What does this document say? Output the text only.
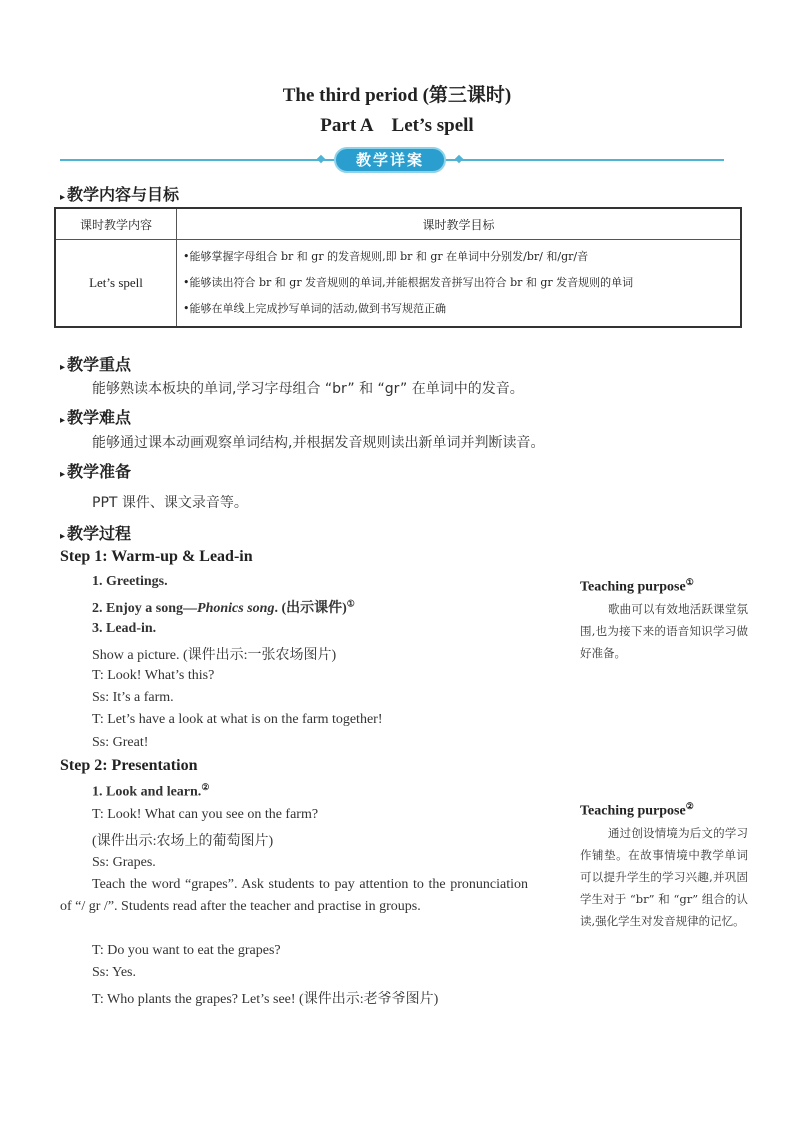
The third period (第三课时)
Part A    Let’s spell
教学详案
▸ 教学内容与目标
课时教学内容	课时教学目标
Let’s spell	•能够掌握字母组合 br 和 gr 的发音规则,即 br 和 gr 在单词中分别发/br/ 和/gr/音
•能够读出符合 br 和 gr 发音规则的单词,并能根据发音拼写出符合 br 和 gr 发音规则的单词
•能够在单线上完成抄写单词的活动,做到书写规范正确
▸ 教学重点
能够熟读本板块的单词,学习字母组合 “br” 和 “gr” 在单词中的发音。
▸ 教学难点
能够通过课本动画观察单词结构,并根据发音规则读出新单词并判断读音。
▸ 教学准备
PPT 课件、课文录音等。
▸ 教学过程
Step 1: Warm-up & Lead-in
1. Greetings.
2. Enjoy a song—Phonics song. (出示课件)①
3. Lead-in.
Show a picture. (课件出示:一张农场图片)
T: Look! What’s this?
Ss: It’s a farm.
T: Let’s have a look at what is on the farm together!
Ss: Great!
Step 2: Presentation
1. Look and learn.②
T: Look! What can you see on the farm?
(课件出示:农场上的葡萄图片)
Ss: Grapes.
Teach the word “grapes”. Ask students to pay attention to the pronunciation of “/ gr /”. Students read after the teacher and practise in groups.
T: Do you want to eat the grapes?
Ss: Yes.
T: Who plants the grapes? Let’s see! (课件出示:老爷爷图片)
Teaching purpose①
歌曲可以有效地活跃课堂氛围,也为接下来的语音知识学习做好准备。
Teaching purpose②
通过创设情境为后文的学习作铺垫。在故事情境中教学单词可以提升学生的学习兴趣,并巩固学生对于 “br” 和 “gr” 组合的认读,强化学生对发音规律的记忆。
